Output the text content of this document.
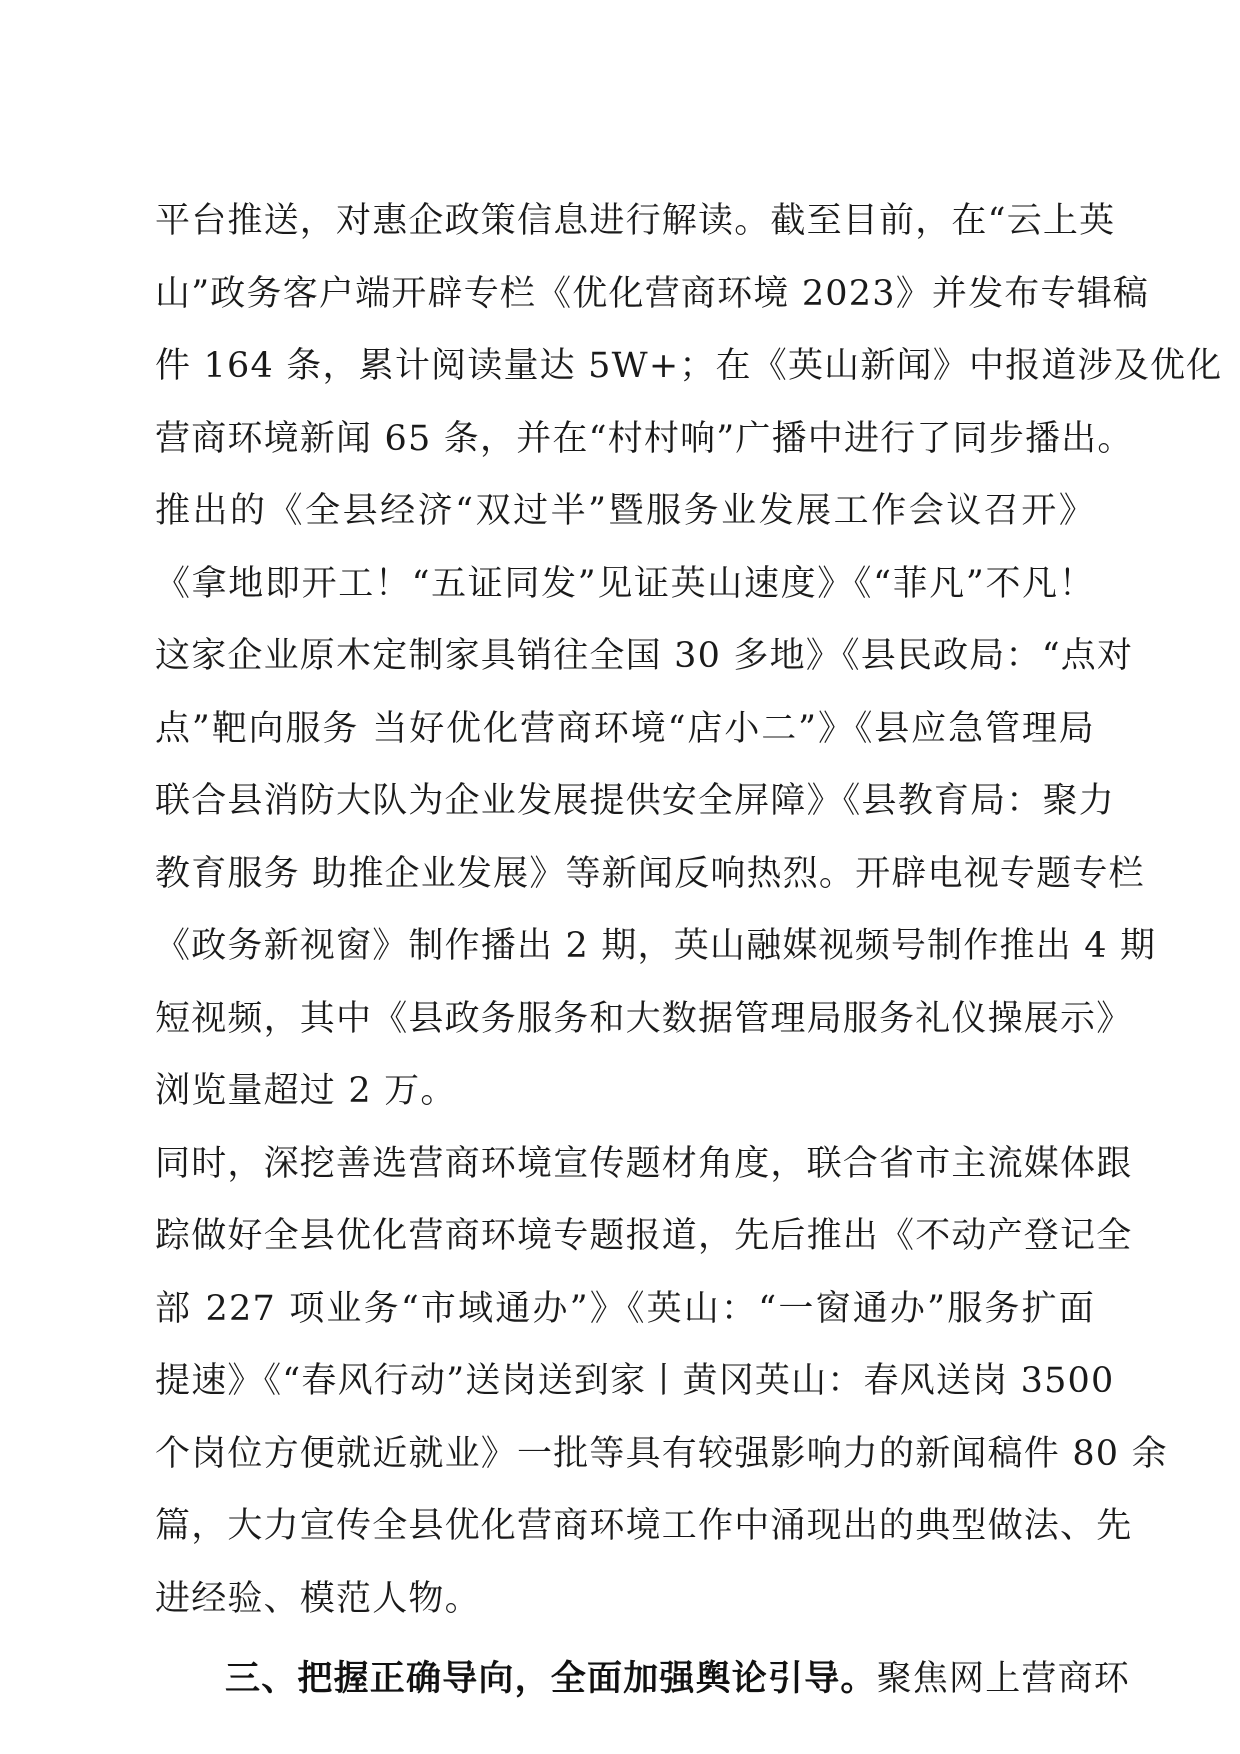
平台推送，对惠企政策信息进行解读。截至目前，在“云上英
山”政务客户端开辟专栏《优化营商环境 2023》并发布专辑稿
件 164 条，累计阅读量达 5W+；在《英山新闻》中报道涉及优化
营商环境新闻 65 条，并在“村村响”广播中进行了同步播出。
推出的《全县经济“双过半”暨服务业发展工作会议召开》
《拿地即开工！“五证同发”见证英山速度》《“菲凡”不凡！
这家企业原木定制家具销往全国 30 多地》《县民政局：“点对
点”靶向服务 当好优化营商环境“店小二”》《县应急管理局
联合县消防大队为企业发展提供安全屏障》《县教育局：聚力
教育服务 助推企业发展》等新闻反响热烈。开辟电视专题专栏
《政务新视窗》制作播出 2 期，英山融媒视频号制作推出 4 期
短视频，其中《县政务服务和大数据管理局服务礼仪操展示》
浏览量超过 2 万。
同时，深挖善选营商环境宣传题材角度，联合省市主流媒体跟
踪做好全县优化营商环境专题报道，先后推出《不动产登记全
部 227 项业务“市域通办”》《英山：“一窗通办”服务扩面
提速》《“春风行动”送岗送到家丨黄冈英山：春风送岗 3500
个岗位方便就近就业》一批等具有较强影响力的新闻稿件 80 余
篇，大力宣传全县优化营商环境工作中涌现出的典型做法、先
进经验、模范人物。
三、把握正确导向，全面加强舆论引导。聚焦网上营商环
